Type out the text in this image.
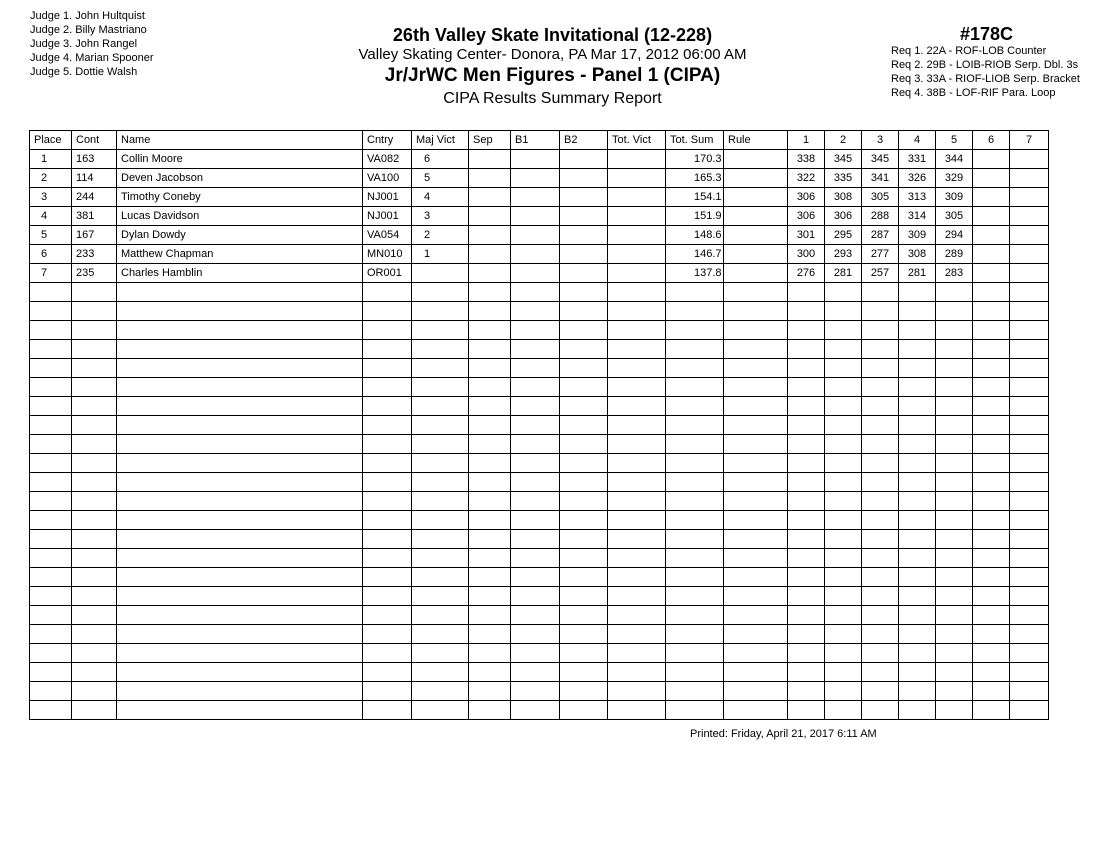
Judge 1. John Hultquist
Judge 2. Billy Mastriano
Judge 3. John Rangel
Judge 4. Marian Spooner
Judge 5. Dottie Walsh
26th Valley Skate Invitational (12-228)
Valley Skating Center- Donora, PA Mar 17, 2012 06:00 AM
Jr/JrWC Men Figures - Panel 1 (CIPA)
CIPA Results Summary Report
#178C
Req 1. 22A - ROF-LOB Counter
Req 2. 29B - LOIB-RIOB Serp. Dbl. 3s
Req 3. 33A - RIOF-LIOB Serp. Bracket
Req 4. 38B - LOF-RIF Para. Loop
Place	Cont	Name	Cntry	Maj Vict	Sep	B1	B2	Tot. Vict	Tot. Sum	Rule	1	2	3	4	5	6	7
1	163	Collin Moore	VA082	6					170.3		338	345	345	331	344		
2	114	Deven Jacobson	VA100	5					165.3		322	335	341	326	329		
3	244	Timothy Coneby	NJ001	4					154.1		306	308	305	313	309		
4	381	Lucas Davidson	NJ001	3					151.9		306	306	288	314	305		
5	167	Dylan Dowdy	VA054	2					148.6		301	295	287	309	294		
6	233	Matthew Chapman	MN010	1					146.7		300	293	277	308	289		
7	235	Charles Hamblin	OR001						137.8		276	281	257	281	283		

Printed: Friday, April 21, 2017 6:11 AM
